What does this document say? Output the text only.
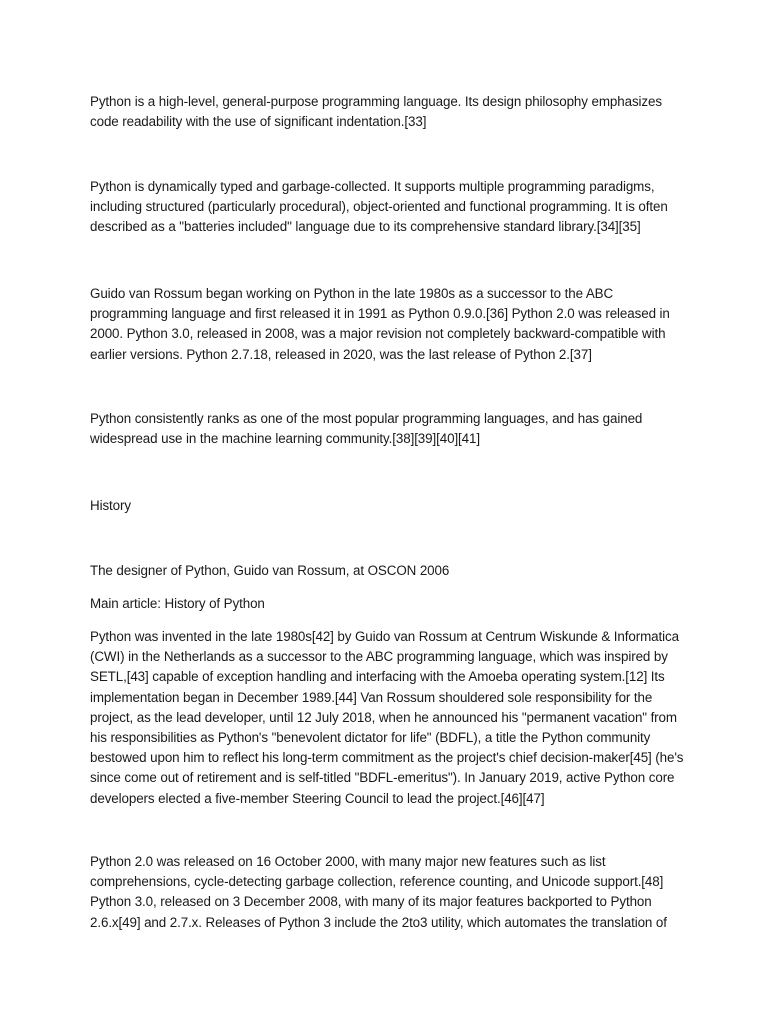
Python is a high-level, general-purpose programming language. Its design philosophy emphasizes code readability with the use of significant indentation.[33]

Python is dynamically typed and garbage-collected. It supports multiple programming paradigms, including structured (particularly procedural), object-oriented and functional programming. It is often described as a "batteries included" language due to its comprehensive standard library.[34][35]

Guido van Rossum began working on Python in the late 1980s as a successor to the ABC programming language and first released it in 1991 as Python 0.9.0.[36] Python 2.0 was released in 2000. Python 3.0, released in 2008, was a major revision not completely backward-compatible with earlier versions. Python 2.7.18, released in 2020, was the last release of Python 2.[37]

Python consistently ranks as one of the most popular programming languages, and has gained widespread use in the machine learning community.[38][39][40][41]

History

The designer of Python, Guido van Rossum, at OSCON 2006

Main article: History of Python

Python was invented in the late 1980s[42] by Guido van Rossum at Centrum Wiskunde & Informatica (CWI) in the Netherlands as a successor to the ABC programming language, which was inspired by SETL,[43] capable of exception handling and interfacing with the Amoeba operating system.[12] Its implementation began in December 1989.[44] Van Rossum shouldered sole responsibility for the project, as the lead developer, until 12 July 2018, when he announced his "permanent vacation" from his responsibilities as Python's "benevolent dictator for life" (BDFL), a title the Python community bestowed upon him to reflect his long-term commitment as the project's chief decision-maker[45] (he's since come out of retirement and is self-titled "BDFL-emeritus"). In January 2019, active Python core developers elected a five-member Steering Council to lead the project.[46][47]

Python 2.0 was released on 16 October 2000, with many major new features such as list comprehensions, cycle-detecting garbage collection, reference counting, and Unicode support.[48] Python 3.0, released on 3 December 2008, with many of its major features backported to Python 2.6.x[49] and 2.7.x. Releases of Python 3 include the 2to3 utility, which automates the translation of
